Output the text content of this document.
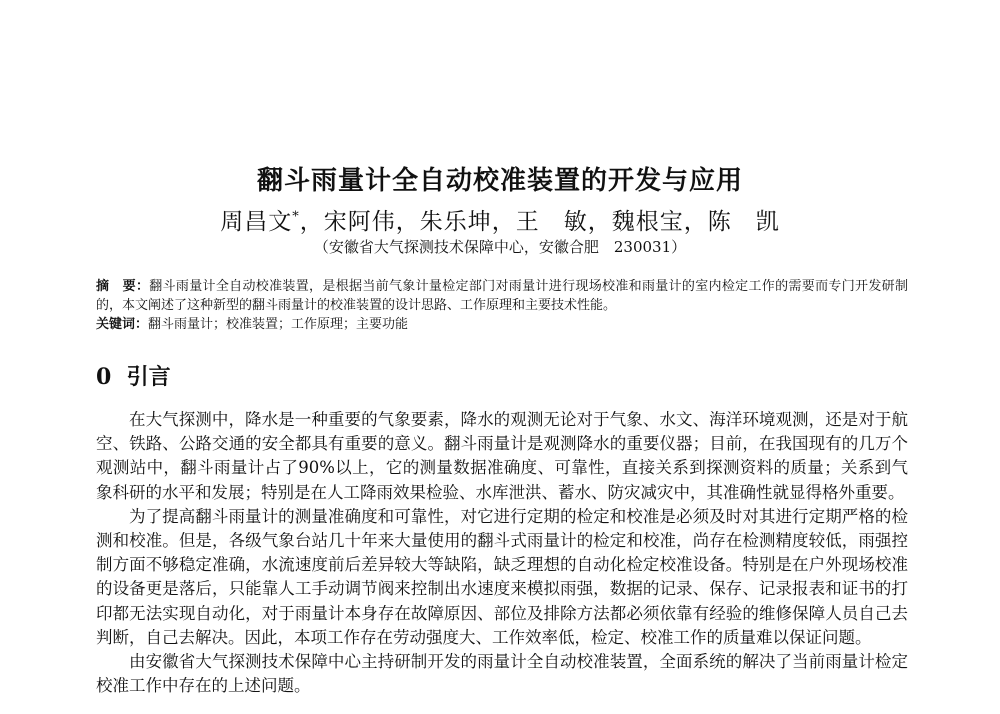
翻斗雨量计全自动校准装置的开发与应用
周昌文*，宋阿伟，朱乐坤，王　敏，魏根宝，陈　凯
（安徽省大气探测技术保障中心，安徽合肥　230031）
摘　要：翻斗雨量计全自动校准装置，是根据当前气象计量检定部门对雨量计进行现场校准和雨量计的室内检定工作的需要而专门开发研制的，本文阐述了这种新型的翻斗雨量计的校准装置的设计思路、工作原理和主要技术性能。
关键词：翻斗雨量计；校准装置；工作原理；主要功能
0 引言

在大气探测中，降水是一种重要的气象要素，降水的观测无论对于气象、水文、海洋环境观测，还是对于航空、铁路、公路交通的安全都具有重要的意义。翻斗雨量计是观测降水的重要仪器；目前，在我国现有的几万个观测站中，翻斗雨量计占了90%以上，它的测量数据准确度、可靠性，直接关系到探测资料的质量；关系到气象科研的水平和发展；特别是在人工降雨效果检验、水库泄洪、蓄水、防灾减灾中，其准确性就显得格外重要。

为了提高翻斗雨量计的测量准确度和可靠性，对它进行定期的检定和校准是必须及时对其进行定期严格的检测和校准。但是，各级气象台站几十年来大量使用的翻斗式雨量计的检定和校准，尚存在检测精度较低，雨强控制方面不够稳定准确，水流速度前后差异较大等缺陷，缺乏理想的自动化检定校准设备。特别是在户外现场校准的设备更是落后，只能靠人工手动调节阀来控制出水速度来模拟雨强，数据的记录、保存、记录报表和证书的打印都无法实现自动化，对于雨量计本身存在故障原因、部位及排除方法都必须依靠有经验的维修保障人员自己去判断，自己去解决。因此，本项工作存在劳动强度大、工作效率低，检定、校准工作的质量难以保证问题。

由安徽省大气探测技术保障中心主持研制开发的雨量计全自动校准装置，全面系统的解决了当前雨量计检定校准工作中存在的上述问题。
